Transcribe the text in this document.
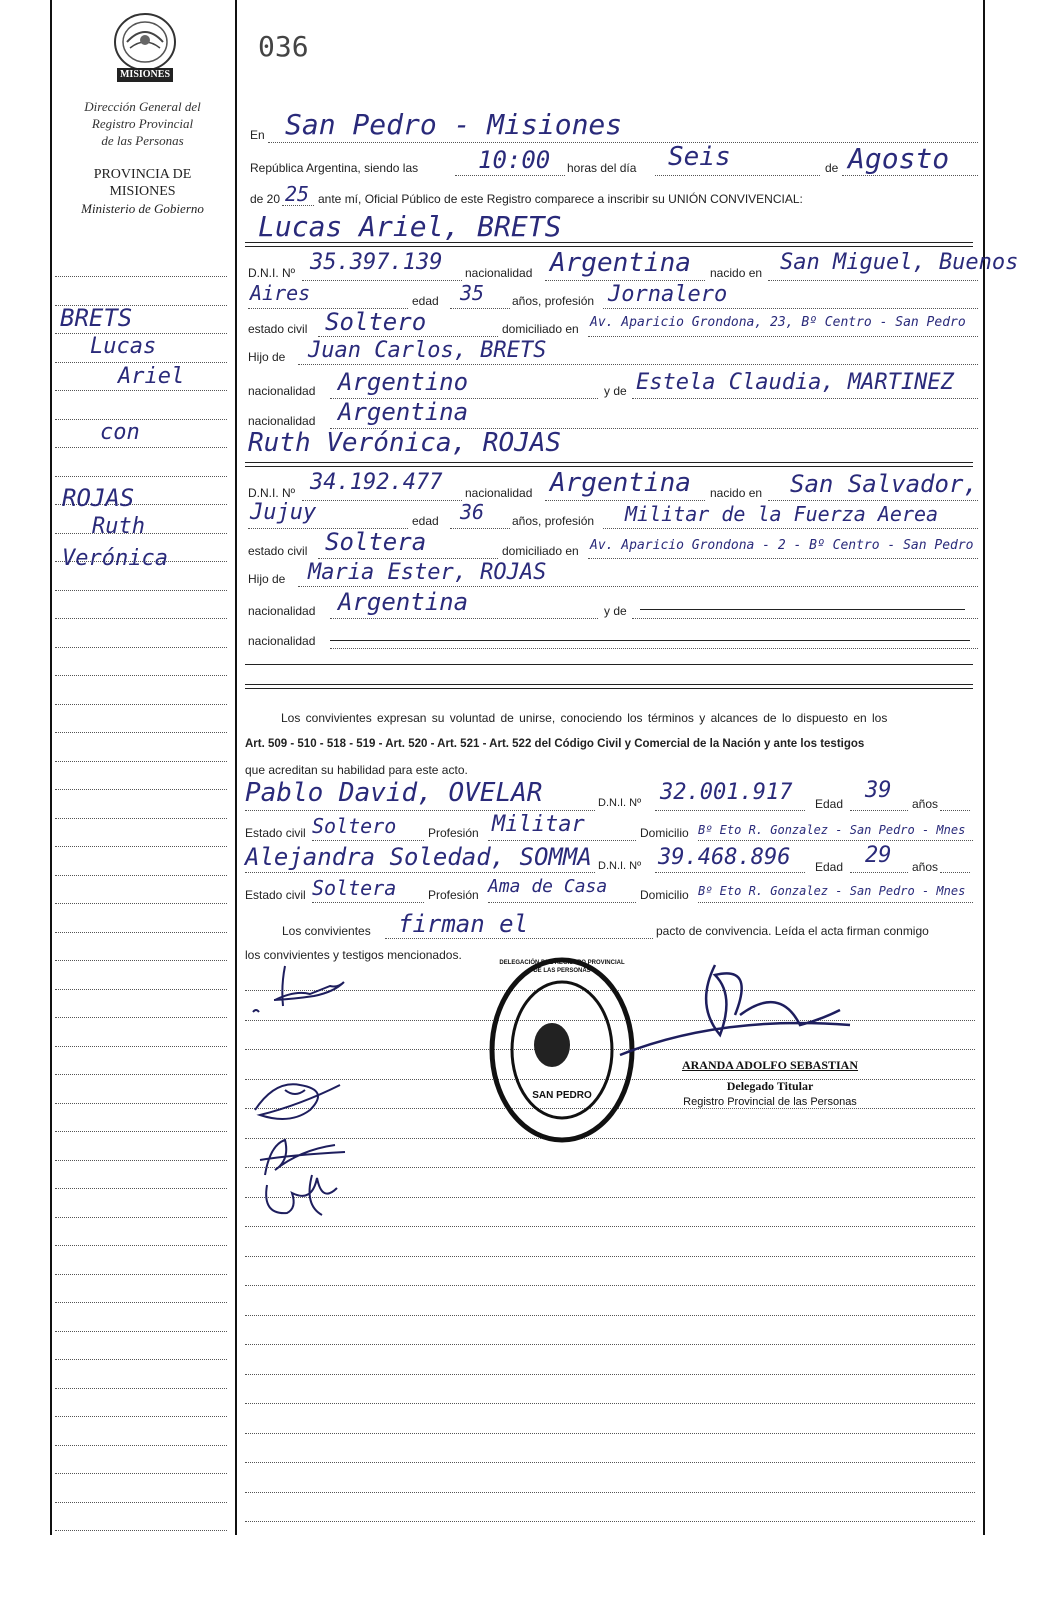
MISIONES
Dirección General del
Registro Provincial
de las Personas
PROVINCIA DE
MISIONES
Ministerio de Gobierno
BRETS
Lucas
Ariel
con
ROJAS
Ruth
Verónica
036
En San Pedro - Misiones
República Argentina, siendo las 10:00 horas del día Seis	de Agosto
de 20 25 ante mí, Oficial Público de este Registro comparece a inscribir su UNIÓN CONVIVENCIAL:
Lucas Ariel, BRETS
D.N.I. Nº 35.397.139 nacionalidad Argentina nacido en San Miguel, Buenos
Aires	edad 35 años, profesión Jornalero
estado civil Soltero	domiciliado en Av. Aparicio Grondona, 23, Bº Centro - San Pedro
Hijo de Juan Carlos, BRETS
nacionalidad Argentino	y de Estela Claudia, MARTINEZ
nacionalidad Argentina
Ruth Verónica, ROJAS
D.N.I. Nº 34.192.477 nacionalidad Argentina nacido en San Salvador,
Jujuy	edad 36 años, profesión Militar de la Fuerza Aerea
estado civil Soltera	domiciliado en Av. Aparicio Grondona - 2 - Bº Centro - San Pedro
Hijo de Maria Ester, ROJAS
nacionalidad Argentina	y de
nacionalidad
Los convivientes expresan su voluntad de unirse, conociendo los términos y alcances de lo dispuesto en los
Art. 509 - 510 - 518 - 519 - Art. 520 - Art. 521 - Art. 522 del Código Civil y Comercial de la Nación y ante los testigos
que acreditan su habilidad para este acto.
Pablo David, OVELAR	D.N.I. Nº 32.001.917 Edad
39
años
Estado civil Soltero	Profesión Militar	Domicilio Bº Eto R. Gonzalez - San Pedro - Mnes
Alejandra Soledad, SOMMA D.N.I. Nº 39.468.896 Edad 29 años
Estado civil Soltera	Profesión Ama de Casa	Domicilio Bº Eto R. Gonzalez - San Pedro - Mnes
Los convivientes firman el	pacto de convivencia. Leída el acta firman conmigo
los convivientes y testigos mencionados.
DELEGACIÓN DEL REGISTRO PROVINCIAL DE LAS PERSONAS
SAN PEDRO
ARANDA ADOLFO SEBASTIAN
Delegado Titular
Registro Provincial de las Personas
